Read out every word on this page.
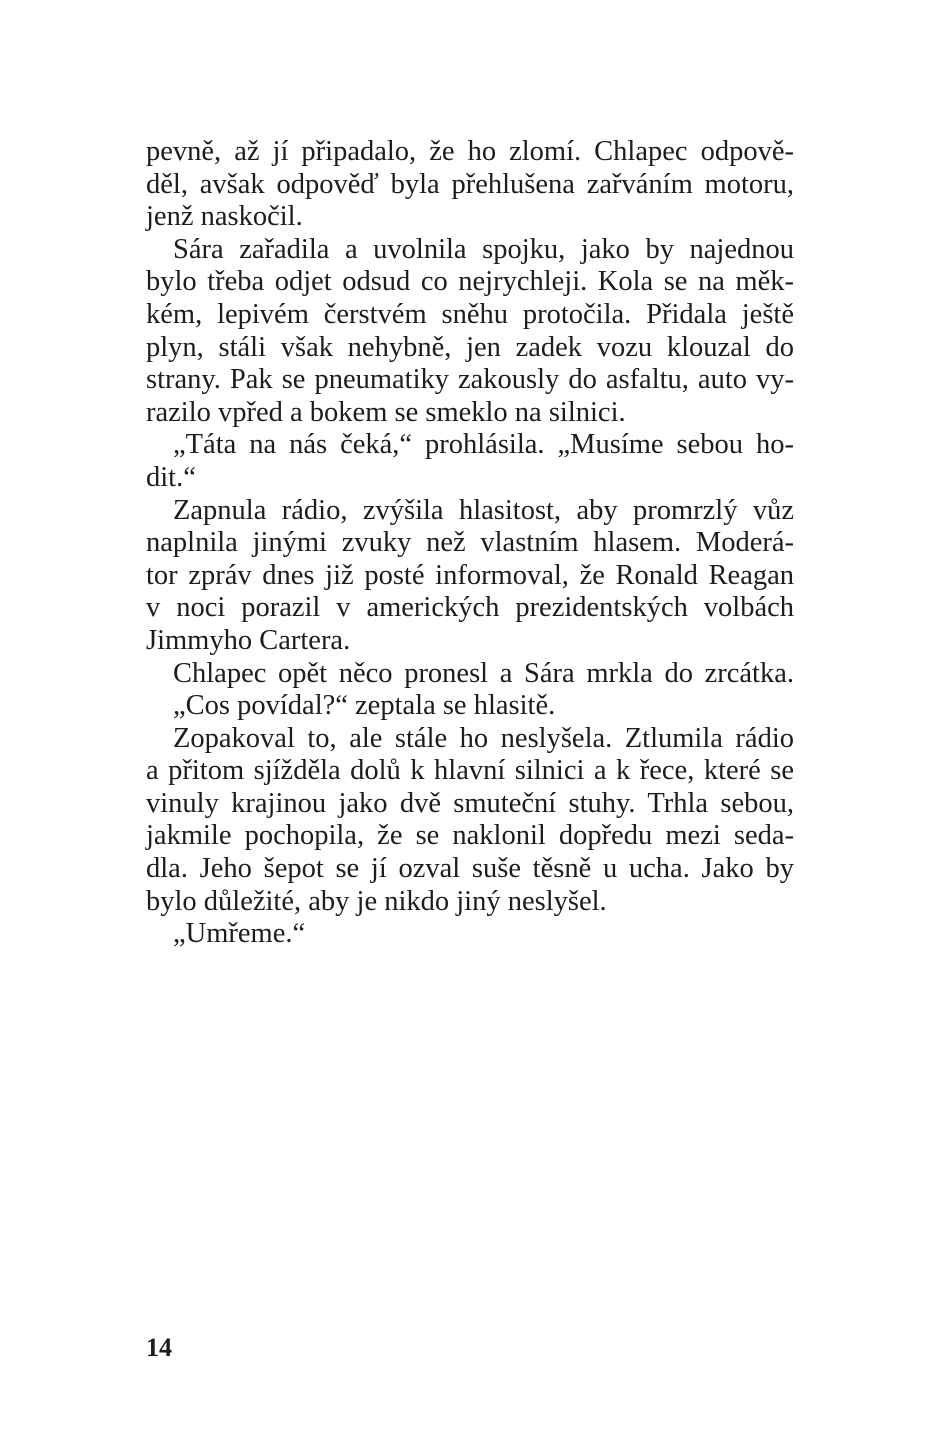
pevně, až jí připadalo, že ho zlomí. Chlapec odpově-
děl, avšak odpověď byla přehlušena zařváním motoru,
jenž naskočil.
Sára zařadila a uvolnila spojku, jako by najednou
bylo třeba odjet odsud co nejrychleji. Kola se na měk-
kém, lepivém čerstvém sněhu protočila. Přidala ještě
plyn, stáli však nehybně, jen zadek vozu klouzal do
strany. Pak se pneumatiky zakously do asfaltu, auto vy-
razilo vpřed a bokem se smeklo na silnici.
„Táta na nás čeká,“ prohlásila. „Musíme sebou ho-
dit.“
Zapnula rádio, zvýšila hlasitost, aby promrzlý vůz
naplnila jinými zvuky než vlastním hlasem. Moderá-
tor zpráv dnes již posté informoval, že Ronald Reagan
v noci porazil v amerických prezidentských volbách
Jimmyho Cartera.
Chlapec opět něco pronesl a Sára mrkla do zrcátka.
„Cos povídal?“ zeptala se hlasitě.
Zopakoval to, ale stále ho neslyšela. Ztlumila rádio
a přitom sjížděla dolů k hlavní silnici a k řece, které se
vinuly krajinou jako dvě smuteční stuhy. Trhla sebou,
jakmile pochopila, že se naklonil dopředu mezi seda-
dla. Jeho šepot se jí ozval suše těsně u ucha. Jako by
bylo důležité, aby je nikdo jiný neslyšel.
„Umřeme.“
14
